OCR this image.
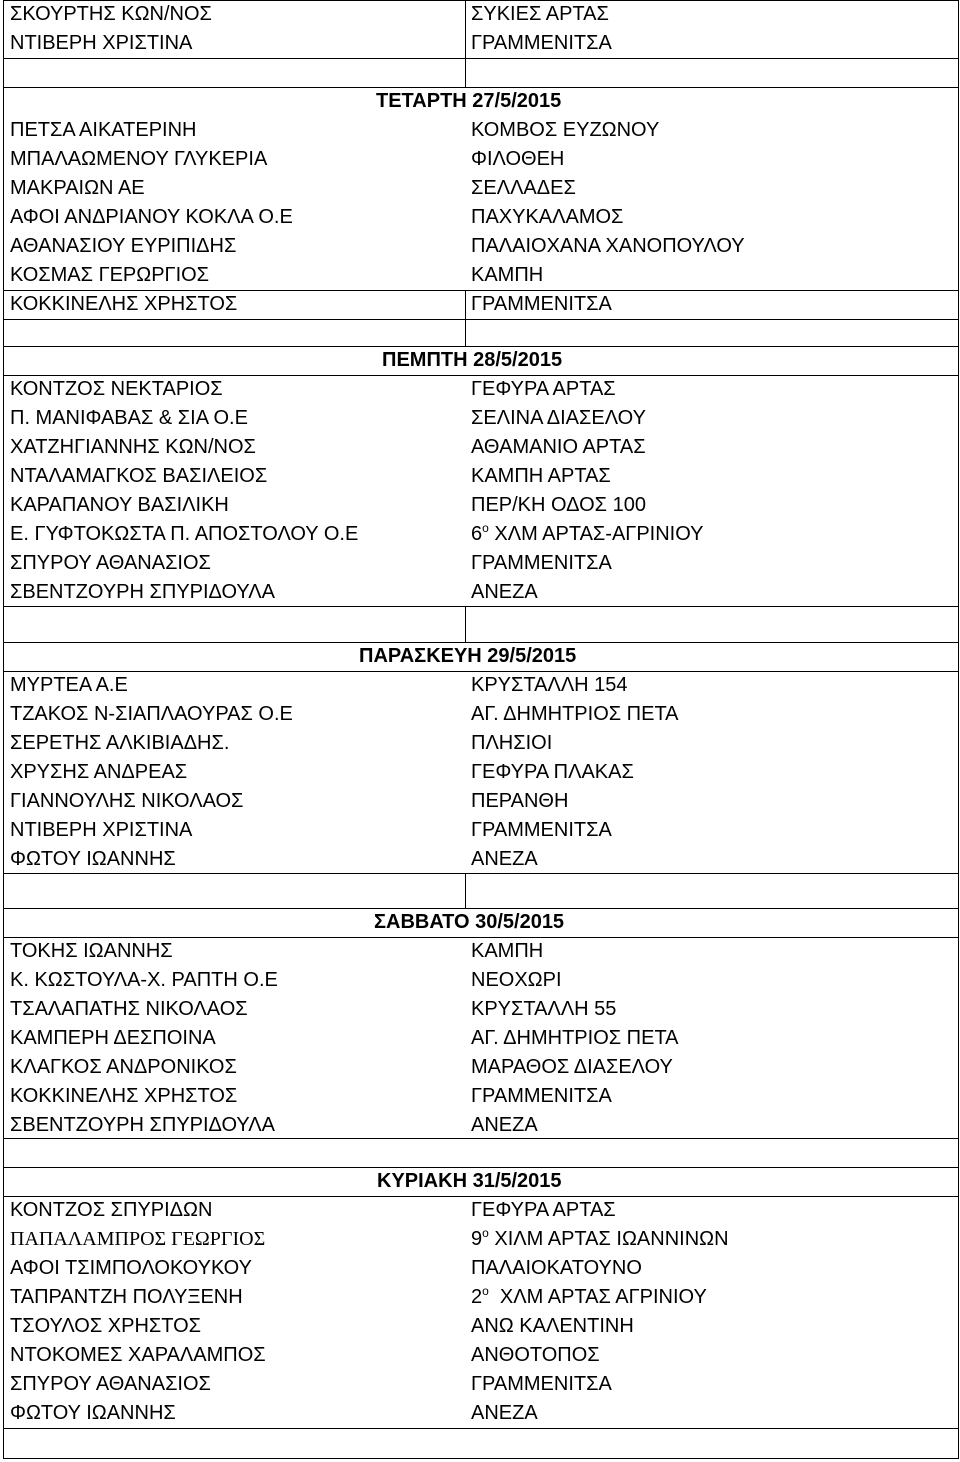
ΣΚΟΥΡΤΗΣ ΚΩΝ/ΝΟΣ	ΣΥΚΙΕΣ ΑΡΤΑΣ
ΝΤΙΒΕΡΗ ΧΡΙΣΤΙΝΑ	ΓΡΑΜΜΕΝΙΤΣΑ
ΤΕΤΑΡΤΗ 27/5/2015
ΠΕΤΣΑ ΑΙΚΑΤΕΡΙΝΗ	ΚΟΜΒΟΣ ΕΥΖΩΝΟΥ
ΜΠΑΛΑΩΜΕΝΟΥ ΓΛΥΚΕΡΙΑ	ΦΙΛΟΘΕΗ
ΜΑΚΡΑΙΩΝ ΑΕ	ΣΕΛΛΑΔΕΣ
ΑΦΟΙ ΑΝΔΡΙΑΝΟΥ ΚΟΚΛΑ Ο.Ε	ΠΑΧΥΚΑΛΑΜΟΣ
ΑΘΑΝΑΣΙΟΥ ΕΥΡΙΠΙΔΗΣ	ΠΑΛΑΙΟΧΑΝΑ ΧΑΝΟΠΟΥΛΟΥ
ΚΟΣΜΑΣ ΓΕΡΩΡΓΙΟΣ	ΚΑΜΠΗ
ΚΟΚΚΙΝΕΛΗΣ ΧΡΗΣΤΟΣ	ΓΡΑΜΜΕΝΙΤΣΑ
ΠΕΜΠΤΗ 28/5/2015
ΚΟΝΤΖΟΣ ΝΕΚΤΑΡΙΟΣ	ΓΕΦΥΡΑ ΑΡΤΑΣ
Π. ΜΑΝΙΦΑΒΑΣ & ΣΙΑ Ο.Ε	ΣΕΛΙΝΑ ΔΙΑΣΕΛΟΥ
ΧΑΤΖΗΓΙΑΝΝΗΣ ΚΩΝ/ΝΟΣ	ΑΘΑΜΑΝΙΟ ΑΡΤΑΣ
ΝΤΑΛΑΜΑΓΚΟΣ ΒΑΣΙΛΕΙΟΣ	ΚΑΜΠΗ ΑΡΤΑΣ
ΚΑΡΑΠΑΝΟΥ ΒΑΣΙΛΙΚΗ	ΠΕΡ/ΚΗ ΟΔΟΣ 100
Ε. ΓΥΦΤΟΚΩΣΤΑ Π. ΑΠΟΣΤΟΛΟΥ Ο.Ε	$6^o$ ΧΛΜ ΑΡΤΑΣ-ΑΓΡΙΝΙΟΥ
ΣΠΥΡΟΥ ΑΘΑΝΑΣΙΟΣ	ΓΡΑΜΜΕΝΙΤΣΑ
ΣΒΕΝΤΖΟΥΡΗ ΣΠΥΡΙΔΟΥΛΑ	ΑΝΕΖΑ
ΠΑΡΑΣΚΕΥΗ 29/5/2015
ΜΥΡΤΕΑ Α.Ε	ΚΡΥΣΤΑΛΛΗ 154
ΤΖΑΚΟΣ Ν-ΣΙΑΠΛΑΟΥΡΑΣ Ο.Ε	ΑΓ. ΔΗΜΗΤΡΙΟΣ ΠΕΤΑ
ΣΕΡΕΤΗΣ ΑΛΚΙΒΙΑΔΗΣ.	ΠΛΗΣΙΟΙ
ΧΡΥΣΗΣ ΑΝΔΡΕΑΣ	ΓΕΦΥΡΑ ΠΛΑΚΑΣ
ΓΙΑΝΝΟΥΛΗΣ ΝΙΚΟΛΑΟΣ	ΠΕΡΑΝΘΗ
ΝΤΙΒΕΡΗ ΧΡΙΣΤΙΝΑ	ΓΡΑΜΜΕΝΙΤΣΑ
ΦΩΤΟΥ ΙΩΑΝΝΗΣ	ΑΝΕΖΑ
ΣΑΒΒΑΤΟ 30/5/2015
ΤΟΚΗΣ ΙΩΑΝΝΗΣ	ΚΑΜΠΗ
Κ. ΚΩΣΤΟΥΛΑ-Χ. ΡΑΠΤΗ Ο.Ε	ΝΕΟΧΩΡΙ
ΤΣΑΛΑΠΑΤΗΣ ΝΙΚΟΛΑΟΣ	ΚΡΥΣΤΑΛΛΗ 55
ΚΑΜΠΕΡΗ ΔΕΣΠΟΙΝΑ	ΑΓ. ΔΗΜΗΤΡΙΟΣ ΠΕΤΑ
ΚΛΑΓΚΟΣ ΑΝΔΡΟΝΙΚΟΣ	ΜΑΡΑΘΟΣ ΔΙΑΣΕΛΟΥ
ΚΟΚΚΙΝΕΛΗΣ ΧΡΗΣΤΟΣ	ΓΡΑΜΜΕΝΙΤΣΑ
ΣΒΕΝΤΖΟΥΡΗ ΣΠΥΡΙΔΟΥΛΑ	ΑΝΕΖΑ
ΚΥΡΙΑΚΗ 31/5/2015
ΚΟΝΤΖΟΣ ΣΠΥΡΙΔΩΝ	ΓΕΦΥΡΑ ΑΡΤΑΣ
ΠΑΠΑΛΑΜΠΡΟΣ ΓΕΩΡΓΙΟΣ	$9^o$ ΧΙΛΜ ΑΡΤΑΣ ΙΩΑΝΝΙΝΩΝ
ΑΦΟΙ ΤΣΙΜΠΟΛΟΚΟΥΚΟΥ	ΠΑΛΑΙΟΚΑΤΟΥΝΟ
ΤΑΠΡΑΝΤΖΗ ΠΟΛΥΞΕΝΗ	$2^o$  ΧΛΜ ΑΡΤΑΣ ΑΓΡΙΝΙΟΥ
ΤΣΟΥΛΟΣ ΧΡΗΣΤΟΣ	ΑΝΩ ΚΑΛΕΝΤΙΝΗ
ΝΤΟΚΟΜΕΣ ΧΑΡΑΛΑΜΠΟΣ	ΑΝΘΟΤΟΠΟΣ
ΣΠΥΡΟΥ ΑΘΑΝΑΣΙΟΣ	ΓΡΑΜΜΕΝΙΤΣΑ
ΦΩΤΟΥ ΙΩΑΝΝΗΣ	ΑΝΕΖΑ
